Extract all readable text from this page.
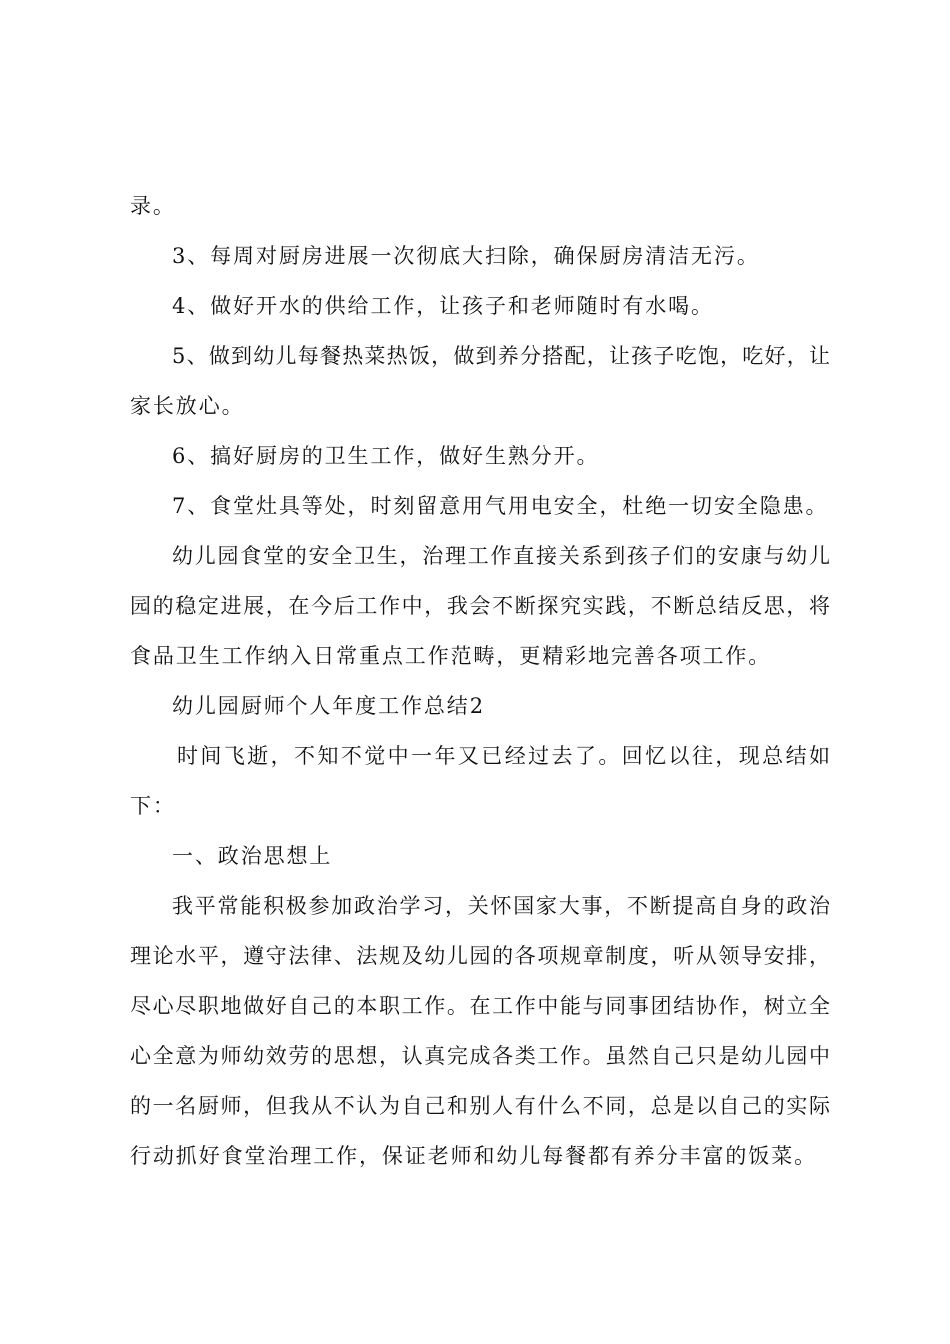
录。
3、每周对厨房进展一次彻底大扫除，确保厨房清洁无污。
4、做好开水的供给工作，让孩子和老师随时有水喝。
5、做到幼儿每餐热菜热饭，做到养分搭配，让孩子吃饱，吃好，让
家长放心。
6、搞好厨房的卫生工作，做好生熟分开。
7、食堂灶具等处，时刻留意用气用电安全，杜绝一切安全隐患。
幼儿园食堂的安全卫生，治理工作直接关系到孩子们的安康与幼儿
园的稳定进展，在今后工作中，我会不断探究实践，不断总结反思，将
食品卫生工作纳入日常重点工作范畴，更精彩地完善各项工作。
幼儿园厨师个人年度工作总结2
时间飞逝，不知不觉中一年又已经过去了。回忆以往，现总结如
下：
一、政治思想上
我平常能积极参加政治学习，关怀国家大事，不断提高自身的政治
理论水平，遵守法律、法规及幼儿园的各项规章制度，听从领导安排，
尽心尽职地做好自己的本职工作。在工作中能与同事团结协作，树立全
心全意为师幼效劳的思想，认真完成各类工作。虽然自己只是幼儿园中
的一名厨师，但我从不认为自己和别人有什么不同，总是以自己的实际
行动抓好食堂治理工作，保证老师和幼儿每餐都有养分丰富的饭菜。
